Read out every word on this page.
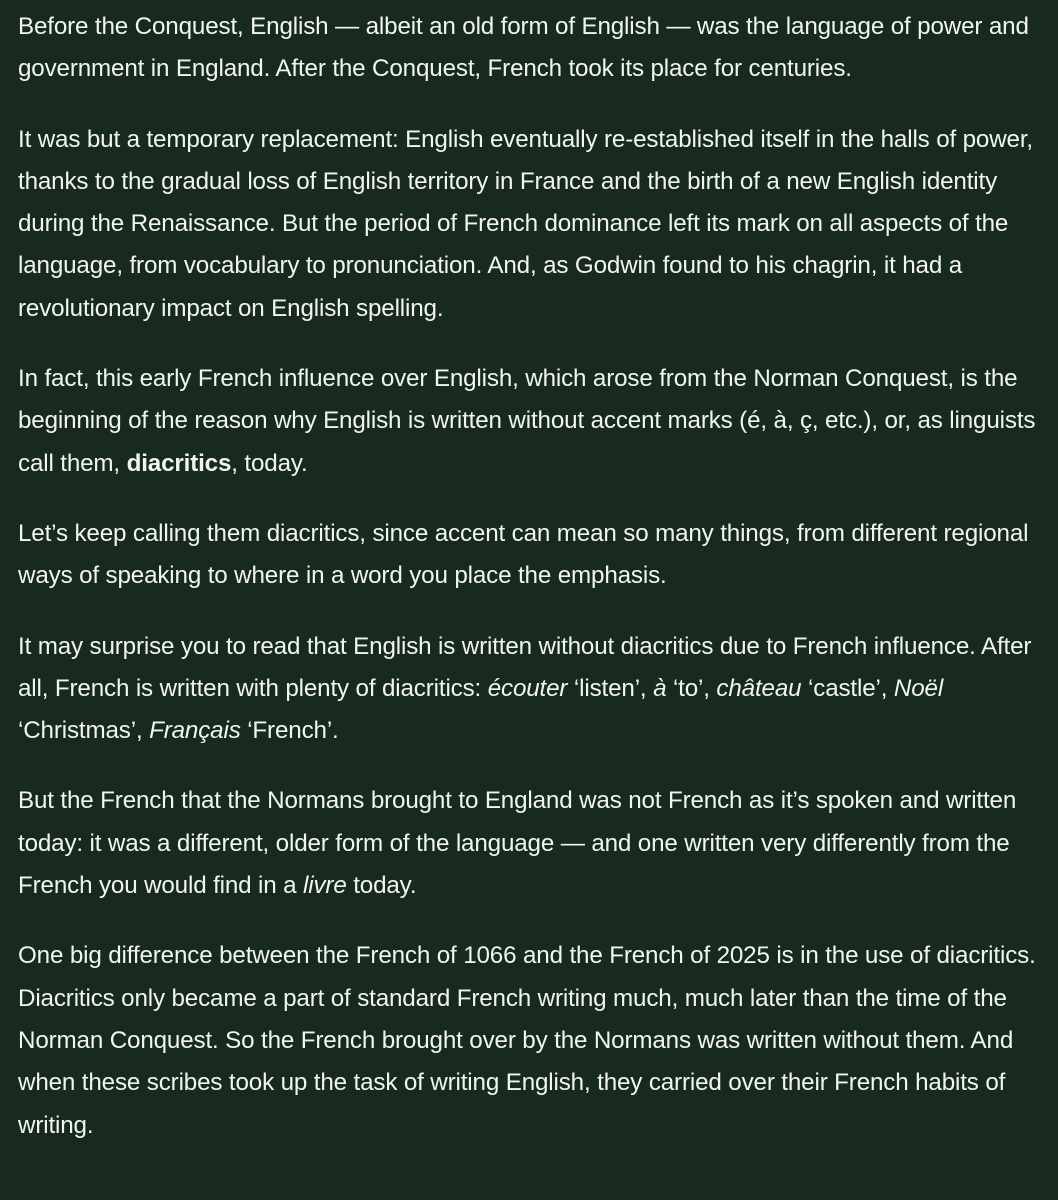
Before the Conquest, English — albeit an old form of English — was the language of power and government in England. After the Conquest, French took its place for centuries.

It was but a temporary replacement: English eventually re-established itself in the halls of power, thanks to the gradual loss of English territory in France and the birth of a new English identity during the Renaissance. But the period of French dominance left its mark on all aspects of the language, from vocabulary to pronunciation. And, as Godwin found to his chagrin, it had a revolutionary impact on English spelling.

In fact, this early French influence over English, which arose from the Norman Conquest, is the beginning of the reason why English is written without accent marks (é, à, ç, etc.), or, as linguists call them, diacritics, today.

Let’s keep calling them diacritics, since accent can mean so many things, from different regional ways of speaking to where in a word you place the emphasis.

It may surprise you to read that English is written without diacritics due to French influence. After all, French is written with plenty of diacritics: écouter ‘listen’, à ‘to’, château ‘castle’, Noël ‘Christmas’, Français ‘French’.

But the French that the Normans brought to England was not French as it’s spoken and written today: it was a different, older form of the language — and one written very differently from the French you would find in a livre today.

One big difference between the French of 1066 and the French of 2025 is in the use of diacritics. Diacritics only became a part of standard French writing much, much later than the time of the Norman Conquest. So the French brought over by the Normans was written without them. And when these scribes took up the task of writing English, they carried over their French habits of writing.
